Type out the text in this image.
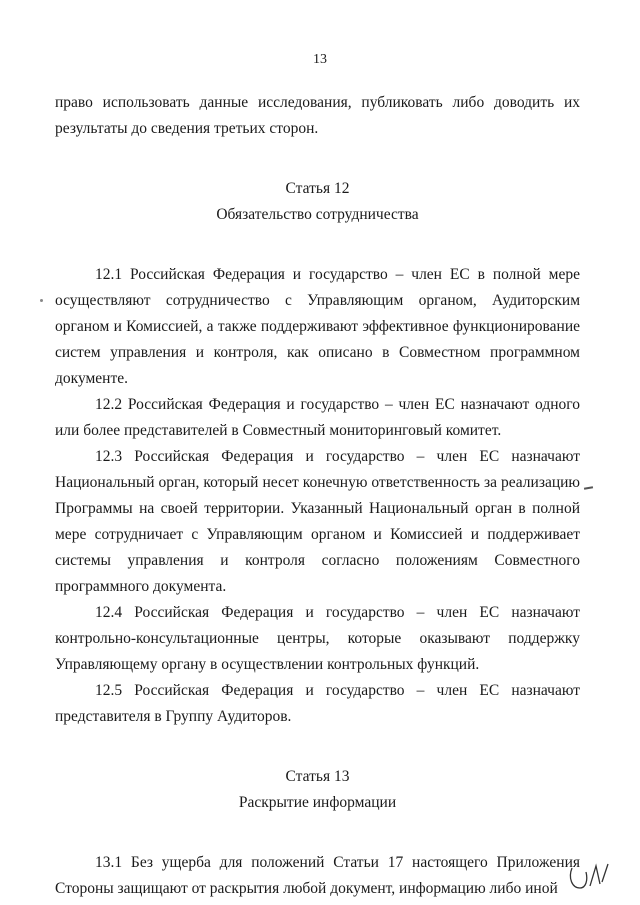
13

право использовать данные исследования, публиковать либо доводить их результаты до сведения третьих сторон.

Статья 12
Обязательство сотрудничества

12.1 Российская Федерация и государство – член ЕС в полной мере осуществляют сотрудничество с Управляющим органом, Аудиторским органом и Комиссией, а также поддерживают эффективное функционирование систем управления и контроля, как описано в Совместном программном документе.

12.2 Российская Федерация и государство – член ЕС назначают одного или более представителей в Совместный мониторинговый комитет.

12.3 Российская Федерация и государство – член ЕС назначают Национальный орган, который несет конечную ответственность за реализацию Программы на своей территории. Указанный Национальный орган в полной мере сотрудничает с Управляющим органом и Комиссией и поддерживает системы управления и контроля согласно положениям Совместного программного документа.

12.4 Российская Федерация и государство – член ЕС назначают контрольно-консультационные центры, которые оказывают поддержку Управляющему органу в осуществлении контрольных функций.

12.5 Российская Федерация и государство – член ЕС назначают представителя в Группу Аудиторов.

Статья 13
Раскрытие информации

13.1 Без ущерба для положений Статьи 17 настоящего Приложения Стороны защищают от раскрытия любой документ, информацию либо иной
